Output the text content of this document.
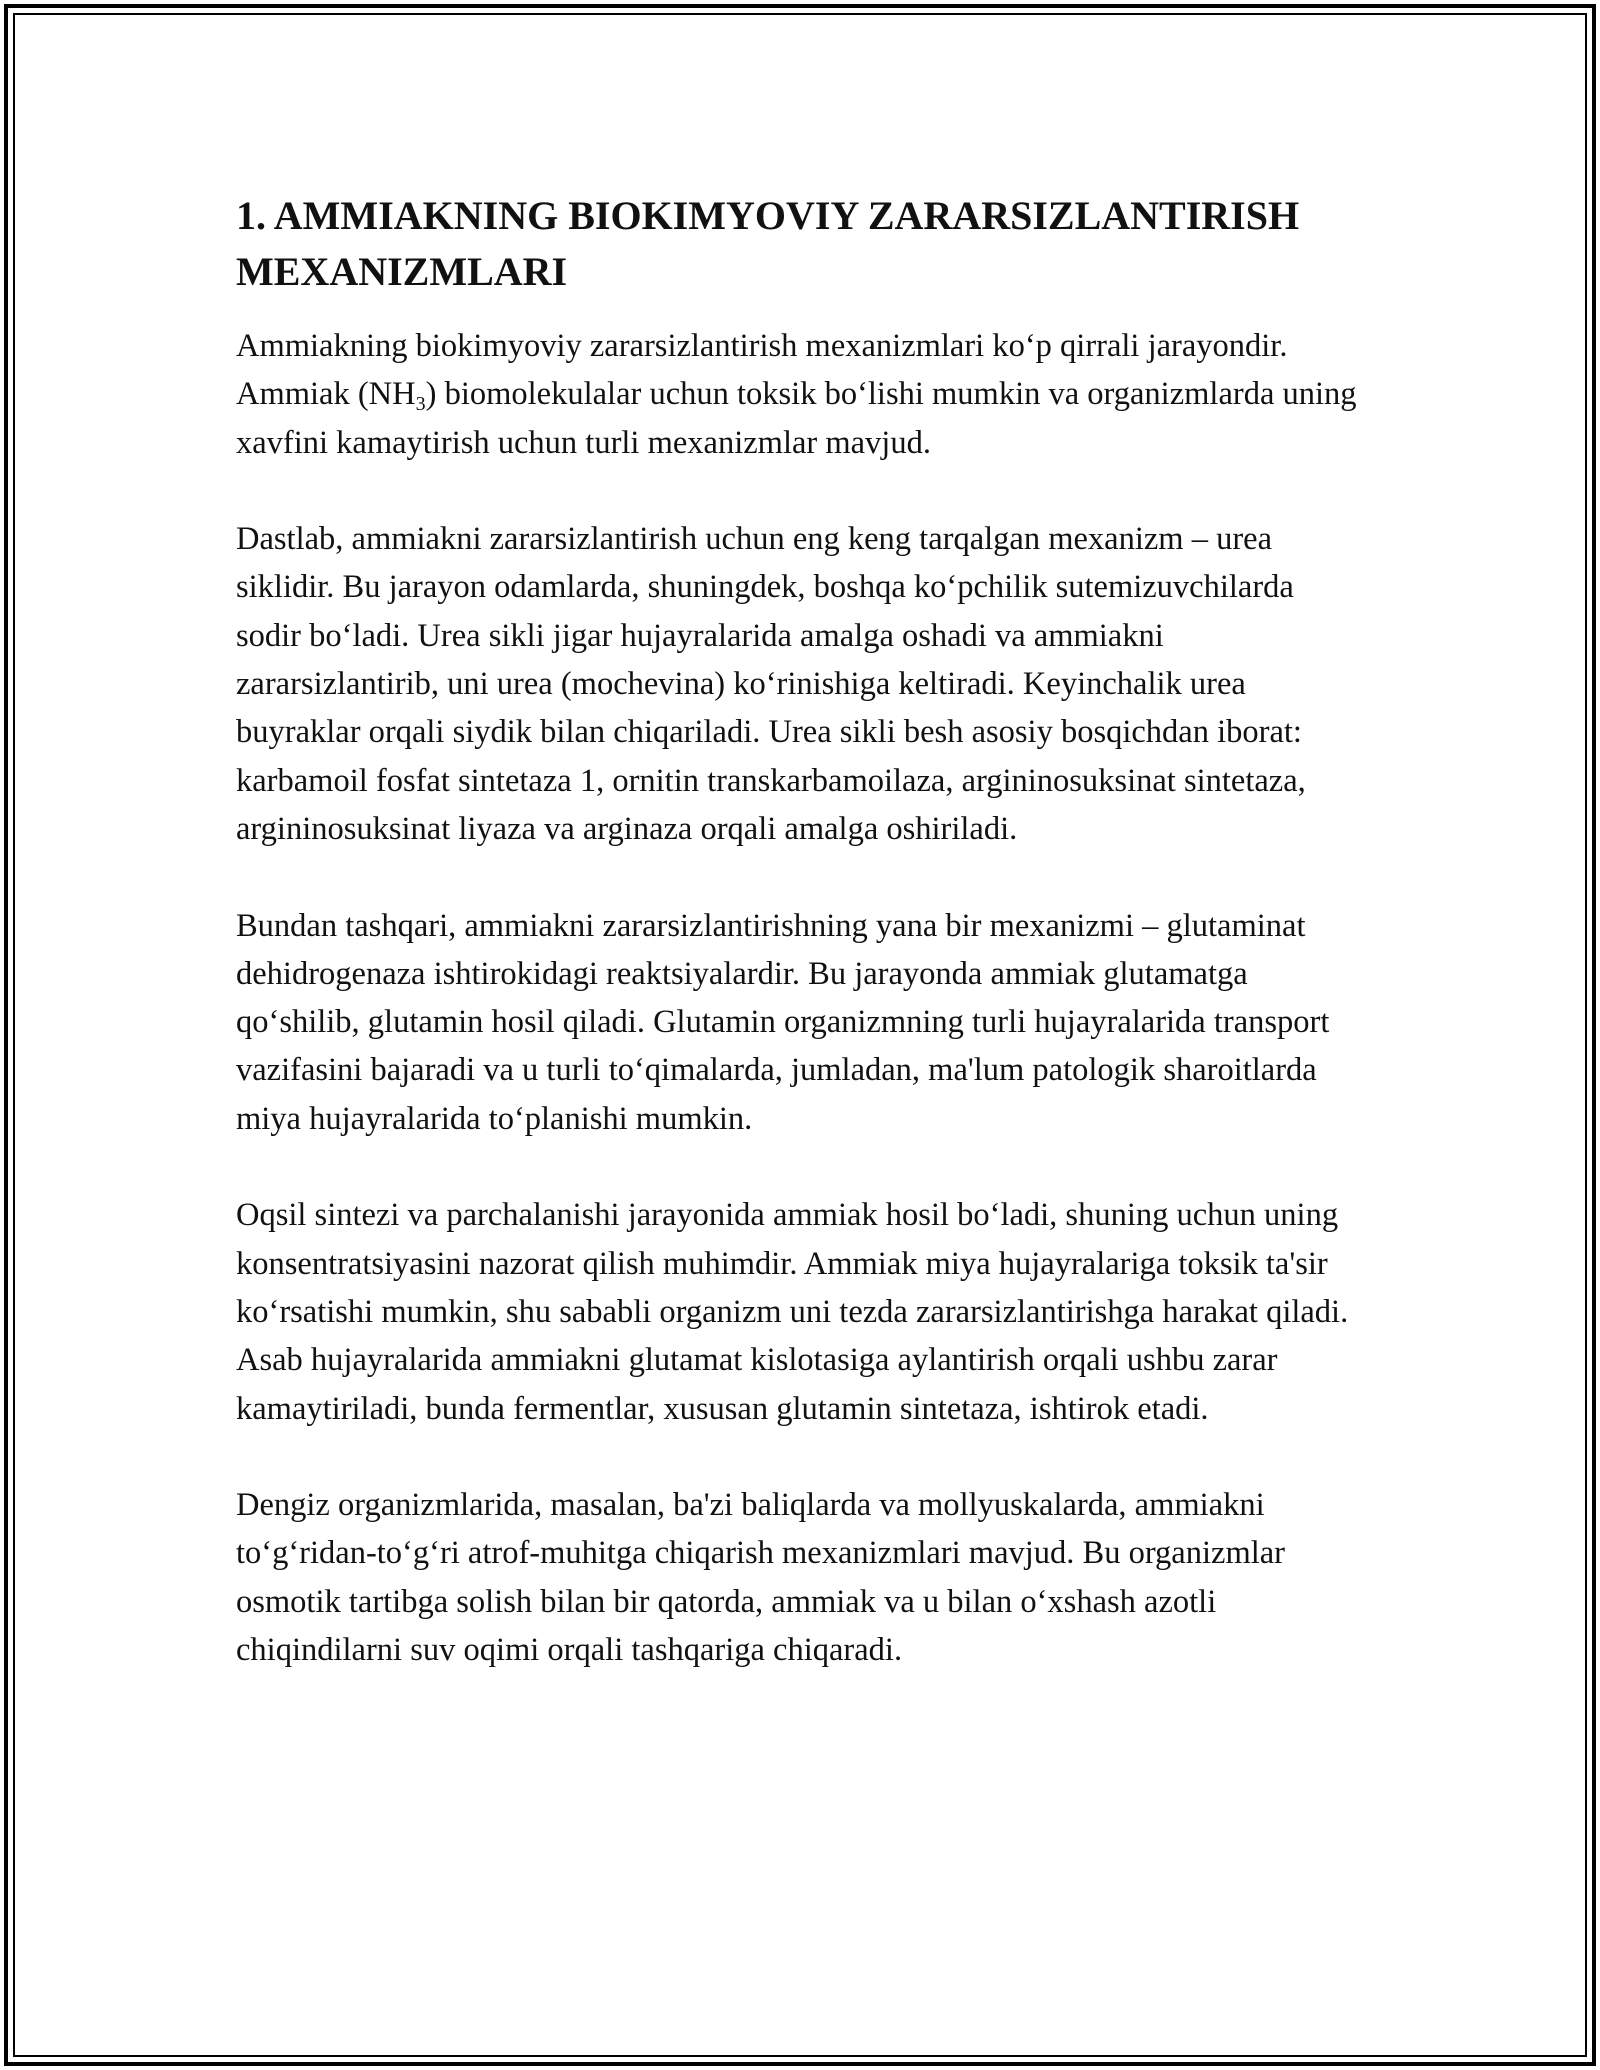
1. AMMIAKNING BIOKIMYOVIY ZARARSIZLANTIRISH MEXANIZMLARI

Ammiakning biokimyoviy zararsizlantirish mexanizmlari ko‘p qirrali jarayondir. Ammiak $(NH_3)$ biomolekulalar uchun toksik bo‘lishi mumkin va organizmlarda uning xavfini kamaytirish uchun turli mexanizmlar mavjud.

Dastlab, ammiakni zararsizlantirish uchun eng keng tarqalgan mexanizm – urea siklidir. Bu jarayon odamlarda, shuningdek, boshqa ko‘pchilik sutemizuvchilarda sodir bo‘ladi. Urea sikli jigar hujayralarida amalga oshadi va ammiakni zararsizlantirib, uni urea (mochevina) ko‘rinishiga keltiradi. Keyinchalik urea buyraklar orqali siydik bilan chiqariladi. Urea sikli besh asosiy bosqichdan iborat: karbamoil fosfat sintetaza 1, ornitin transkarbamoilaza, argininosuksinat sintetaza, argininosuksinat liyaza va arginaza orqali amalga oshiriladi.

Bundan tashqari, ammiakni zararsizlantirishning yana bir mexanizmi – glutaminat dehidrogenaza ishtirokidagi reaktsiyalardir. Bu jarayonda ammiak glutamatga qo‘shilib, glutamin hosil qiladi. Glutamin organizmning turli hujayralarida transport vazifasini bajaradi va u turli to‘qimalarda, jumladan, ma'lum patologik sharoitlarda miya hujayralarida to‘planishi mumkin.

Oqsil sintezi va parchalanishi jarayonida ammiak hosil bo‘ladi, shuning uchun uning konsentratsiyasini nazorat qilish muhimdir. Ammiak miya hujayralariga toksik ta'sir ko‘rsatishi mumkin, shu sababli organizm uni tezda zararsizlantirishga harakat qiladi. Asab hujayralarida ammiakni glutamat kislotasiga aylantirish orqali ushbu zarar kamaytiriladi, bunda fermentlar, xususan glutamin sintetaza, ishtirok etadi.

Dengiz organizmlarida, masalan, ba'zi baliqlarda va mollyuskalarda, ammiakni to‘g‘ridan-to‘g‘ri atrof-muhitga chiqarish mexanizmlari mavjud. Bu organizmlar osmotik tartibga solish bilan bir qatorda, ammiak va u bilan o‘xshash azotli chiqindilarni suv oqimi orqali tashqariga chiqaradi.
